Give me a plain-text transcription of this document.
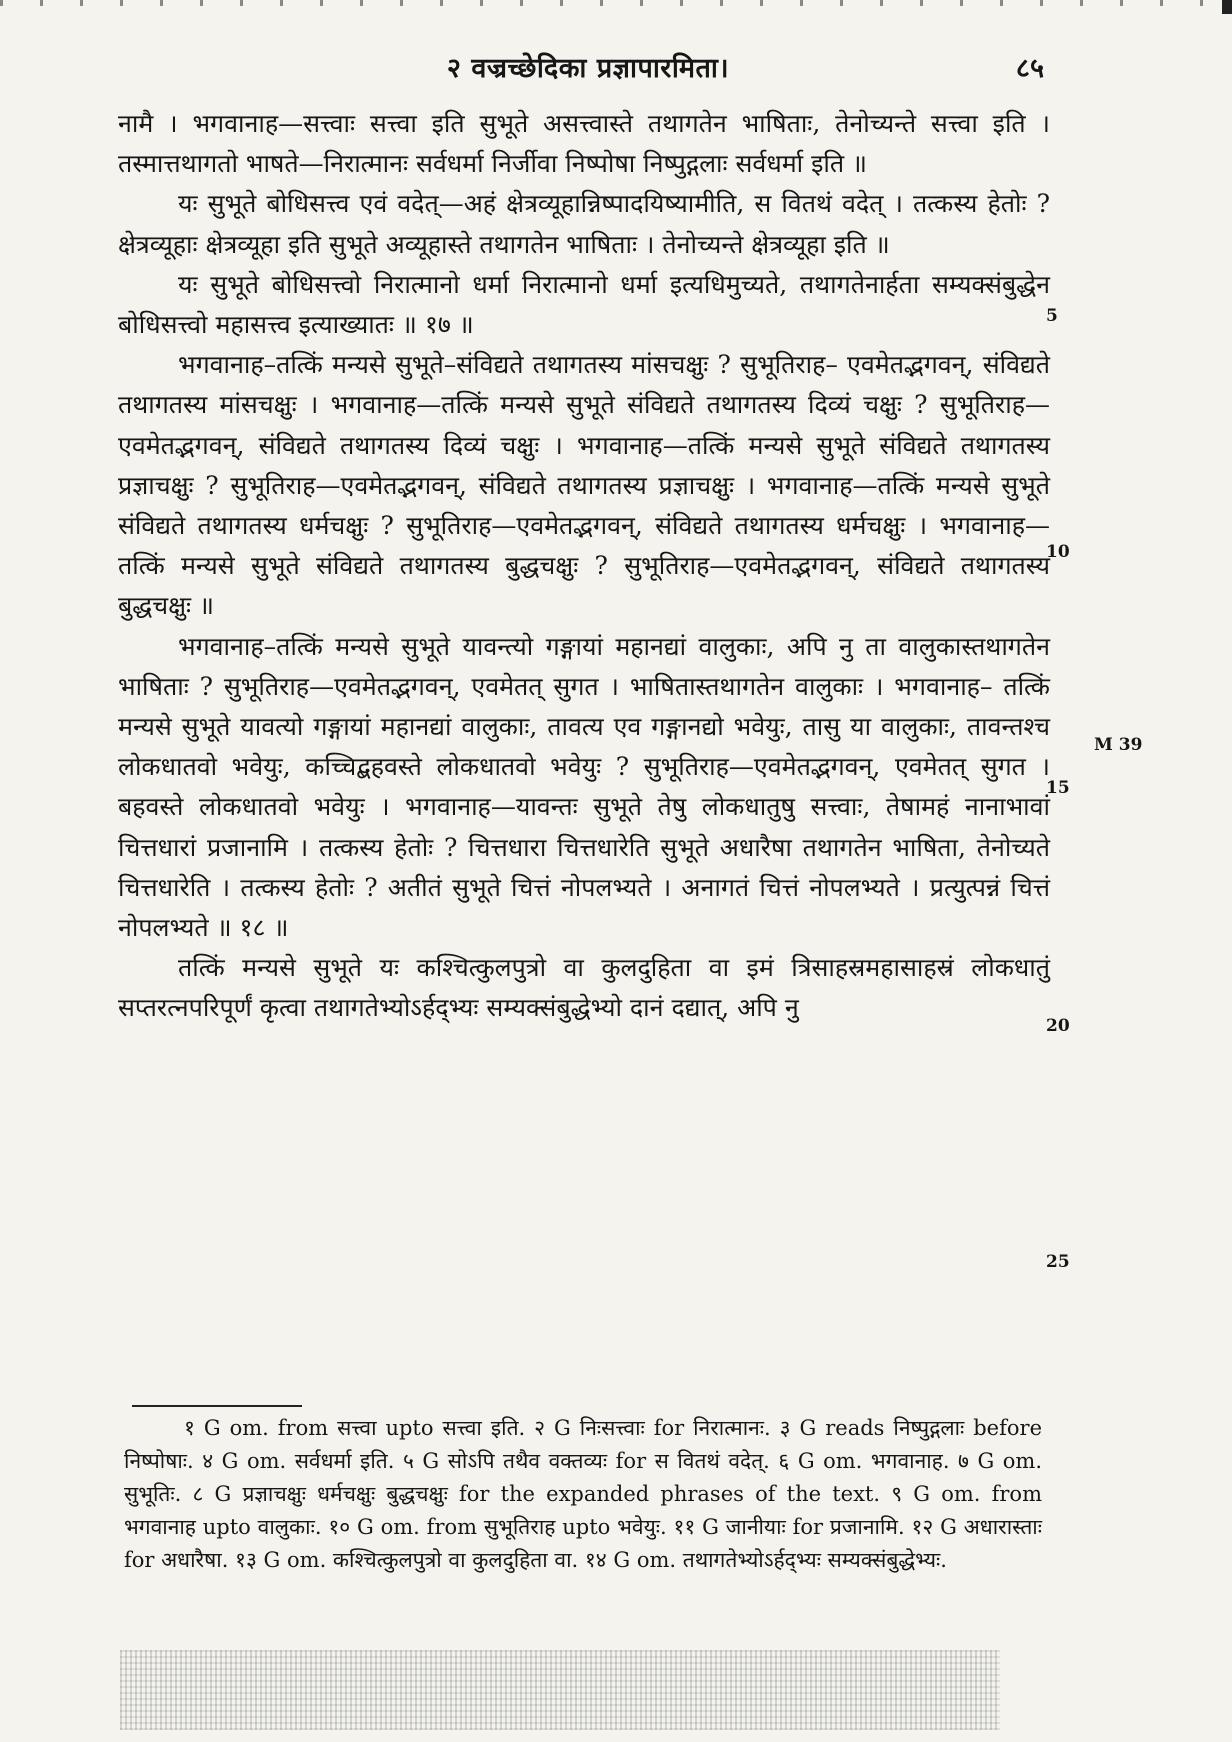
२ वज्रच्छेदिका प्रज्ञापारमिता।	८५

नामै । भगवानाह—सत्त्वाः सत्त्वा इति सुभूते असत्त्वास्ते तथागतेन भाषिताः, तेनोच्यन्ते सत्त्वा इति । तस्मात्तथागतो भाषते—निरात्मानः सर्वधर्मा निर्जीवा निष्पोषा निष्पुद्गलाः सर्वधर्मा इति ॥

यः सुभूते बोधिसत्त्व एवं वदेत्—अहं क्षेत्रव्यूहान्निष्पादयिष्यामीति, स वितथं वदेत् । तत्कस्य हेतोः ? क्षेत्रव्यूहाः क्षेत्रव्यूहा इति सुभूते अव्यूहास्ते तथागतेन भाषिताः । तेनोच्यन्ते क्षेत्रव्यूहा इति ॥

यः सुभूते बोधिसत्त्वो निरात्मानो धर्मा निरात्मानो धर्मा इत्यधिमुच्यते, तथागतेनार्हता सम्यक्संबुद्धेन बोधिसत्त्वो महासत्त्व इत्याख्यातः ॥ १७ ॥

भगवानाह–तत्किं मन्यसे सुभूते–संविद्यते तथागतस्य मांसचक्षुः ? सुभूतिराह– एवमेतद्भगवन्, संविद्यते तथागतस्य मांसचक्षुः । भगवानाह—तत्किं मन्यसे सुभूते संविद्यते तथागतस्य दिव्यं चक्षुः ? सुभूतिराह—एवमेतद्भगवन्, संविद्यते तथागतस्य दिव्यं चक्षुः । भगवानाह—तत्किं मन्यसे सुभूते संविद्यते तथागतस्य प्रज्ञाचक्षुः ? सुभूतिराह—एवमेतद्भगवन्, संविद्यते तथागतस्य प्रज्ञाचक्षुः । भगवानाह—तत्किं मन्यसे सुभूते संविद्यते तथागतस्य धर्मचक्षुः ? सुभूतिराह—एवमेतद्भगवन्, संविद्यते तथागतस्य धर्मचक्षुः । भगवानाह—तत्किं मन्यसे सुभूते संविद्यते तथागतस्य बुद्धचक्षुः ? सुभूतिराह—एवमेतद्भगवन्, संविद्यते तथागतस्य बुद्धचक्षुः ॥

भगवानाह–तत्किं मन्यसे सुभूते यावन्त्यो गङ्गायां महानद्यां वालुकाः, अपि नु ता वालुकास्तथागतेन भाषिताः ? सुभूतिराह—एवमेतद्भगवन्, एवमेतत् सुगत । भाषितास्तथागतेन वालुकाः । भगवानाह– तत्किं मन्यसे सुभूते यावत्यो गङ्गायां महानद्यां वालुकाः, तावत्य एव गङ्गानद्यो भवेयुः, तासु या वालुकाः, तावन्तश्च लोकधातवो भवेयुः, कच्चिद्बहवस्ते लोकधातवो भवेयुः ? सुभूतिराह—एवमेतद्भगवन्, एवमेतत् सुगत । बहवस्ते लोकधातवो भवेयुः । भगवानाह—यावन्तः सुभूते तेषु लोकधातुषु सत्त्वाः, तेषामहं नानाभावां चित्तधारां प्रजानामि । तत्कस्य हेतोः ? चित्तधारा चित्तधारेति सुभूते अधारैषा तथागतेन भाषिता, तेनोच्यते चित्तधारेति । तत्कस्य हेतोः ? अतीतं सुभूते चित्तं नोपलभ्यते । अनागतं चित्तं नोपलभ्यते । प्रत्युत्पन्नं चित्तं नोपलभ्यते ॥ १८ ॥

तत्किं मन्यसे सुभूते यः कश्चित्कुलपुत्रो वा कुलदुहिता वा इमं त्रिसाहस्रमहासाहस्रं लोकधातुं सप्तरत्नपरिपूर्णं कृत्वा तथागतेभ्योऽर्हद्भ्यः सम्यक्संबुद्धेभ्यो दानं दद्यात्, अपि नु

5
10
15
20
25
M 39

१ G om. from सत्त्वा upto सत्त्वा इति. २ G निःसत्त्वाः for निरात्मानः. ३ G reads निष्पुद्गलाः before निष्पोषाः. ४ G om. सर्वधर्मा इति. ५ G सोऽपि तथैव वक्तव्यः for स वितथं वदेत्. ६ G om. भगवानाह. ७ G om. सुभूतिः. ८ G प्रज्ञाचक्षुः धर्मचक्षुः बुद्धचक्षुः for the expanded phrases of the text. ९ G om. from भगवानाह upto वालुकाः. १० G om. from सुभूतिराह upto भवेयुः. ११ G जानीयाः for प्रजानामि. १२ G अधारास्ताः for अधारैषा. १३ G om. कश्चित्कुलपुत्रो वा कुलदुहिता वा. १४ G om. तथागतेभ्योऽर्हद्भ्यः सम्यक्संबुद्धेभ्यः.
